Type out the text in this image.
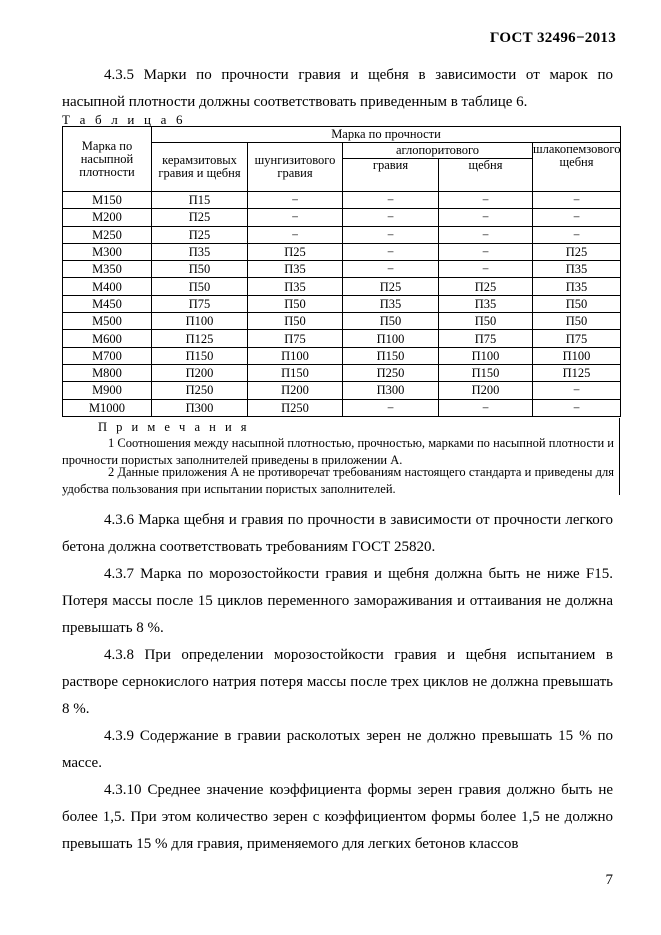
ГОСТ 32496−2013
4.3.5 Марки по прочности гравия и щебня в зависимости от марок по насыпной плотности должны соответствовать приведенным в таблице 6.
Т а б л и ц а 6
Марка по насыпной плотности	Марка по прочности				
	керамзитовых гравия и щебня	шунгизитового гравия	аглопоритового		шлакопемзового щебня
			гравия	щебня	
М150	П15	−	−	−	−
М200	П25	−	−	−	−
М250	П25	−	−	−	−
М300	П35	П25	−	−	П25
М350	П50	П35	−	−	П35
М400	П50	П35	П25	П25	П35
М450	П75	П50	П35	П35	П50
М500	П100	П50	П50	П50	П50
М600	П125	П75	П100	П75	П75
М700	П150	П100	П150	П100	П100
М800	П200	П150	П250	П150	П125
М900	П250	П200	П300	П200	−
М1000	П300	П250	−	−	−
П р и м е ч а н и я
1 Соотношения между насыпной плотностью, прочностью, марками по насыпной плотности и прочности пористых заполнителей приведены в приложении А.
2 Данные приложения А не противоречат требованиям настоящего стандарта и приведены для удобства пользования при испытании пористых заполнителей.
4.3.6 Марка щебня и гравия по прочности в зависимости от прочности легкого бетона должна соответствовать требованиям ГОСТ 25820.
4.3.7 Марка по морозостойкости гравия и щебня должна быть не ниже F15. Потеря массы после 15 циклов переменного замораживания и оттаивания не должна превышать 8 %.
4.3.8 При определении морозостойкости гравия и щебня испытанием в растворе сернокислого натрия потеря массы после трех циклов не должна превышать 8 %.
4.3.9 Содержание в гравии расколотых зерен не должно превышать 15 % по массе.
4.3.10 Среднее значение коэффициента формы зерен гравия должно быть не более 1,5. При этом количество зерен с коэффициентом формы более 1,5 не должно превышать 15 % для гравия, применяемого для легких бетонов классов
7
